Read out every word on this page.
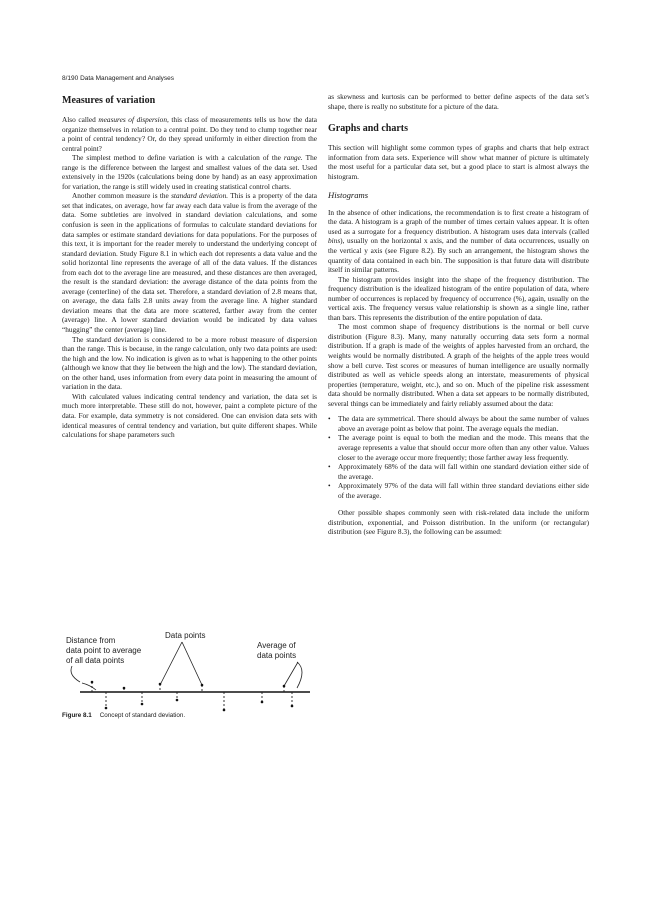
8/190 Data Management and Analyses
Measures of variation

Also called measures of dispersion, this class of measurements tells us how the data organize themselves in relation to a central point. Do they tend to clump together near a point of central tendency? Or, do they spread uniformly in either direction from the central point?

The simplest method to define variation is with a calculation of the range. The range is the difference between the largest and smallest values of the data set. Used extensively in the 1920s (calculations being done by hand) as an easy approximation for variation, the range is still widely used in creating statistical control charts.

Another common measure is the standard deviation. This is a property of the data set that indicates, on average, how far away each data value is from the average of the data. Some subtleties are involved in standard deviation calculations, and some confusion is seen in the applications of formulas to calculate standard deviations for data samples or estimate standard deviations for data populations. For the purposes of this text, it is important for the reader merely to understand the underlying concept of standard deviation. Study Figure 8.1 in which each dot represents a data value and the solid horizontal line represents the average of all of the data values. If the distances from each dot to the average line are measured, and these distances are then averaged, the result is the standard deviation: the average distance of the data points from the average (centerline) of the data set. Therefore, a standard deviation of 2.8 means that, on average, the data falls 2.8 units away from the average line. A higher standard deviation means that the data are more scattered, farther away from the center (average) line. A lower standard deviation would be indicated by data values “hugging” the center (average) line.

The standard deviation is considered to be a more robust measure of dispersion than the range. This is because, in the range calculation, only two data points are used: the high and the low. No indication is given as to what is happening to the other points (although we know that they lie between the high and the low). The standard deviation, on the other hand, uses information from every data point in measuring the amount of variation in the data.

With calculated values indicating central tendency and variation, the data set is much more interpretable. These still do not, however, paint a complete picture of the data. For example, data symmetry is not considered. One can envision data sets with identical measures of central tendency and variation, but quite different shapes. While calculations for shape parameters such

Distance from
data point to average
of all data points
Data points
Average of
data points
Figure 8.1 Concept of standard deviation.

as skewness and kurtosis can be performed to better define aspects of the data set’s shape, there is really no substitute for a picture of the data.

Graphs and charts

This section will highlight some common types of graphs and charts that help extract information from data sets. Experience will show what manner of picture is ultimately the most useful for a particular data set, but a good place to start is almost always the histogram.

Histograms

In the absence of other indications, the recommendation is to first create a histogram of the data. A histogram is a graph of the number of times certain values appear. It is often used as a surrogate for a frequency distribution. A histogram uses data intervals (called bins), usually on the horizontal x axis, and the number of data occurrences, usually on the vertical y axis (see Figure 8.2). By such an arrangement, the histogram shows the quantity of data contained in each bin. The supposition is that future data will distribute itself in similar patterns.

The histogram provides insight into the shape of the frequency distribution. The frequency distribution is the idealized histogram of the entire population of data, where number of occurrences is replaced by frequency of occurrence (%), again, usually on the vertical axis. The frequency versus value relationship is shown as a single line, rather than bars. This represents the distribution of the entire population of data.

The most common shape of frequency distributions is the normal or bell curve distribution (Figure 8.3). Many, many naturally occurring data sets form a normal distribution. If a graph is made of the weights of apples harvested from an orchard, the weights would be normally distributed. A graph of the heights of the apple trees would show a bell curve. Test scores or measures of human intelligence are usually normally distributed as well as vehicle speeds along an interstate, measurements of physical properties (temperature, weight, etc.), and so on. Much of the pipeline risk assessment data should be normally distributed. When a data set appears to be normally distributed, several things can be immediately and fairly reliably assumed about the data:

• The data are symmetrical. There should always be about the same number of values above an average point as below that point. The average equals the median.
• The average point is equal to both the median and the mode. This means that the average represents a value that should occur more often than any other value. Values closer to the average occur more frequently; those farther away less frequently.
• Approximately 68% of the data will fall within one standard deviation either side of the average.
• Approximately 97% of the data will fall within three standard deviations either side of the average.

Other possible shapes commonly seen with risk-related data include the uniform distribution, exponential, and Poisson distribution. In the uniform (or rectangular) distribution (see Figure 8.3), the following can be assumed:
